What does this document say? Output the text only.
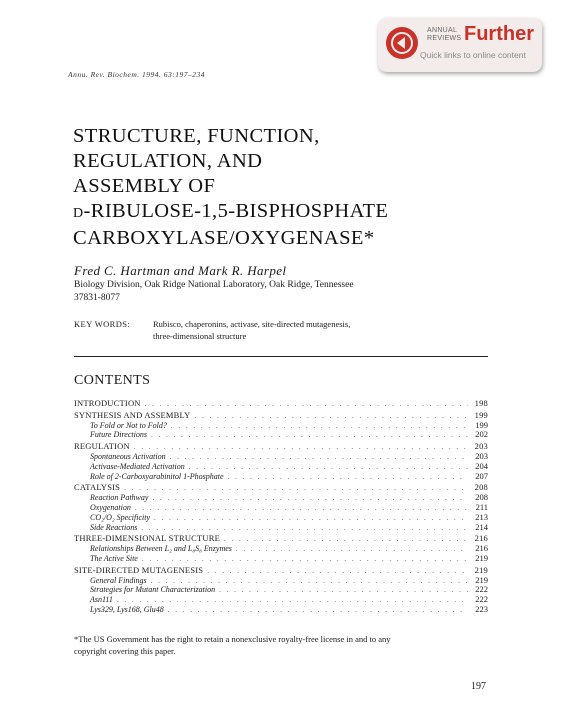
ANNUAL
REVIEWS Further
Quick links to online content
Annu. Rev. Biochem. 1994. 63:197–234
STRUCTURE, FUNCTION,
REGULATION, AND
ASSEMBLY OF
D-RIBULOSE-1,5-BISPHOSPHATE
CARBOXYLASE/OXYGENASE*
Fred C. Hartman and Mark R. Harpel
Biology Division, Oak Ridge National Laboratory, Oak Ridge, Tennessee
37831-8077
KEY WORDS:	Rubisco, chaperonins, activase, site-directed mutagenesis,
three-dimensional structure
CONTENTS
INTRODUCTION . . .	198
SYNTHESIS AND ASSEMBLY . . .	199
To Fold or Not to Fold? . . .	199
Future Directions . . .	202
REGULATION . . .	203
Spontaneous Activation . . .	203
Activase-Mediated Activation . . .	204
Role of 2-Carboxyarabinitol 1-Phosphate . . .	207
CATALYSIS . . .	208
Reaction Pathway . . .	208
Oxygenation . . .	211
CO₂/O₂ Specificity . . .	213
Side Reactions . . .	214
THREE-DIMENSIONAL STRUCTURE . . .	216
Relationships Between L₂ and L₈S₈ Enzymes . . .	216
The Active Site . . .	219
SITE-DIRECTED MUTAGENESIS . . .	219
General Findings . . .	219
Strategies for Mutant Characterization . . .	222
Asn111 . . .	222
Lys329, Lys168, Glu48 . . .	223
*The US Government has the right to retain a nonexclusive royalty-free license in and to any
copyright covering this paper.
197
